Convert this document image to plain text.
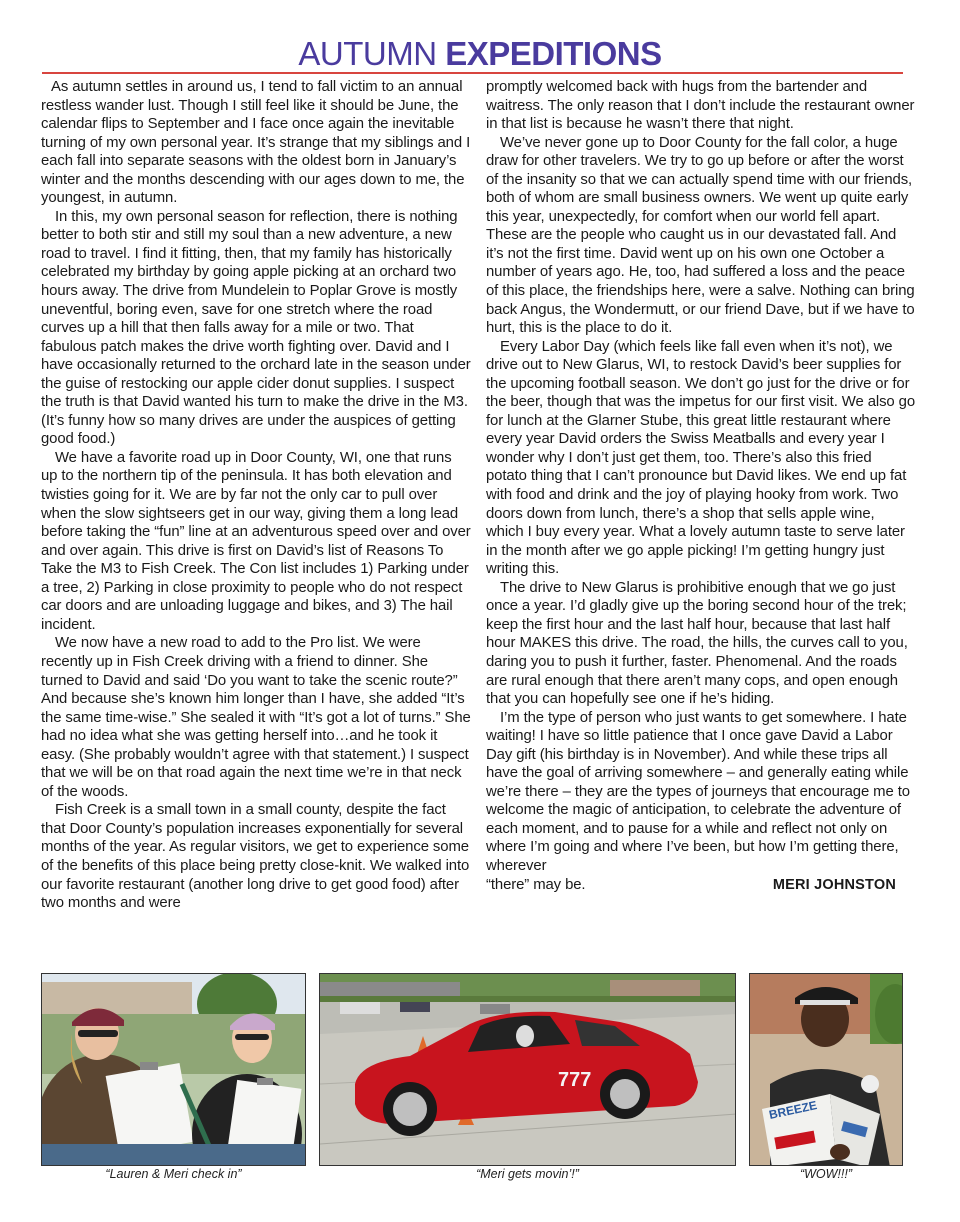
AUTUMN EXPEDITIONS

As autumn settles in around us, I tend to fall victim to an annual restless wander lust. Though I still feel like it should be June, the calendar flips to September and I face once again the inevitable turning of my own personal year. It’s strange that my siblings and I each fall into separate seasons with the oldest born in January’s winter and the months descending with our ages down to me, the youngest, in autumn.

In this, my own personal season for reflection, there is nothing better to both stir and still my soul than a new adventure, a new road to travel. I find it fitting, then, that my family has historically celebrated my birthday by going apple picking at an orchard two hours away. The drive from Mundelein to Poplar Grove is mostly uneventful, boring even, save for one stretch where the road curves up a hill that then falls away for a mile or two. That fabulous patch makes the drive worth fighting over. David and I have occasionally returned to the orchard late in the season under the guise of restocking our apple cider donut supplies. I suspect the truth is that David wanted his turn to make the drive in the M3. (It’s funny how so many drives are under the auspices of getting good food.)

We have a favorite road up in Door County, WI, one that runs up to the northern tip of the peninsula. It has both elevation and twisties going for it. We are by far not the only car to pull over when the slow sightseers get in our way, giving them a long lead before taking the “fun” line at an adventurous speed over and over and over again. This drive is first on David’s list of Reasons To Take the M3 to Fish Creek. The Con list includes 1) Parking under a tree, 2) Parking in close proximity to people who do not respect car doors and are unloading luggage and bikes, and 3) The hail incident.

We now have a new road to add to the Pro list. We were recently up in Fish Creek driving with a friend to dinner. She turned to David and said ‘Do you want to take the scenic route?” And because she’s known him longer than I have, she added “It’s the same time-wise.” She sealed it with “It’s got a lot of turns.” She had no idea what she was getting herself into…and he took it easy. (She probably wouldn’t agree with that statement.) I suspect that we will be on that road again the next time we’re in that neck of the woods.

Fish Creek is a small town in a small county, despite the fact that Door County’s population increases exponentially for several months of the year. As regular visitors, we get to experience some of the benefits of this place being pretty close-knit. We walked into our favorite restaurant (another long drive to get good food) after two months and were

promptly welcomed back with hugs from the bartender and waitress. The only reason that I don’t include the restaurant owner in that list is because he wasn’t there that night.

We’ve never gone up to Door County for the fall color, a huge draw for other travelers. We try to go up before or after the worst of the insanity so that we can actually spend time with our friends, both of whom are small business owners. We went up quite early this year, unexpectedly, for comfort when our world fell apart. These are the people who caught us in our devastated fall. And it’s not the first time. David went up on his own one October a number of years ago. He, too, had suffered a loss and the peace of this place, the friendships here, were a salve. Nothing can bring back Angus, the Wondermutt, or our friend Dave, but if we have to hurt, this is the place to do it.

Every Labor Day (which feels like fall even when it’s not), we drive out to New Glarus, WI, to restock David’s beer supplies for the upcoming football season. We don’t go just for the drive or for the beer, though that was the impetus for our first visit. We also go for lunch at the Glarner Stube, this great little restaurant where every year David orders the Swiss Meatballs and every year I wonder why I don’t just get them, too. There’s also this fried potato thing that I can’t pronounce but David likes. We end up fat with food and drink and the joy of playing hooky from work. Two doors down from lunch, there’s a shop that sells apple wine, which I buy every year. What a lovely autumn taste to serve later in the month after we go apple picking! I’m getting hungry just writing this.

The drive to New Glarus is prohibitive enough that we go just once a year. I’d gladly give up the boring second hour of the trek; keep the first hour and the last half hour, because that last half hour MAKES this drive. The road, the hills, the curves call to you, daring you to push it further, faster. Phenomenal. And the roads are rural enough that there aren’t many cops, and open enough that you can hopefully see one if he’s hiding.

I’m the type of person who just wants to get somewhere. I hate waiting! I have so little patience that I once gave David a Labor Day gift (his birthday is in November). And while these trips all have the goal of arriving somewhere – and generally eating while we’re there – they are the types of journeys that encourage me to welcome the magic of anticipation, to celebrate the adventure of each moment, and to pause for a while and reflect not only on where I’m going and where I’ve been, but how I’m getting there, wherever

“there” may be.	MERI JOHNSTON
777
BREEZE
“Lauren & Meri check in”	“Meri gets movin’!”	“WOW!!!”
